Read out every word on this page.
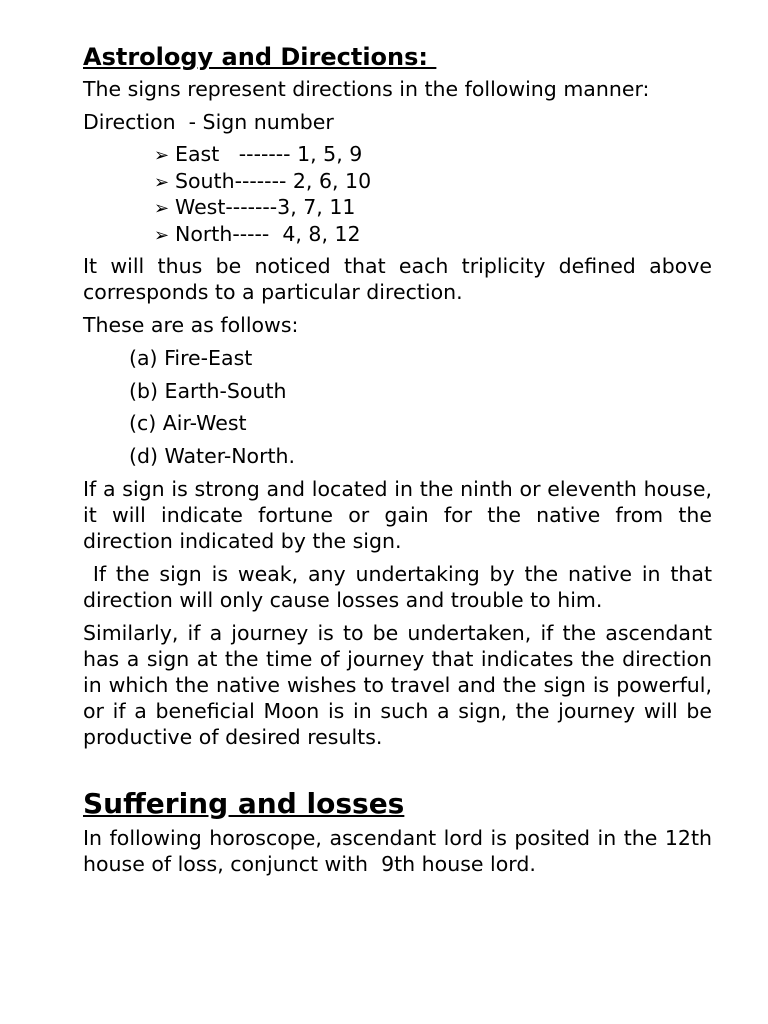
Astrology and Directions:
The signs represent directions in the following manner:
Direction  - Sign number
➢ East   ------- 1, 5, 9
➢ South------- 2, 6, 10
➢ West-------3, 7, 11
➢ North-----  4, 8, 12
It will thus be noticed that each triplicity defined above corresponds to a particular direction.
These are as follows:
(a) Fire-East
(b) Earth-South
(c) Air-West
(d) Water-North.
If a sign is strong and located in the ninth or eleventh house, it will indicate fortune or gain for the native from the direction indicated by the sign.
If the sign is weak, any undertaking by the native in that direction will only cause losses and trouble to him.
Similarly, if a journey is to be undertaken, if the ascendant has a sign at the time of journey that indicates the direction in which the native wishes to travel and the sign is powerful, or if a beneficial Moon is in such a sign, the journey will be productive of desired results.
Suffering and losses
In following horoscope, ascendant lord is posited in the 12th house of loss, conjunct with  9th house lord.
